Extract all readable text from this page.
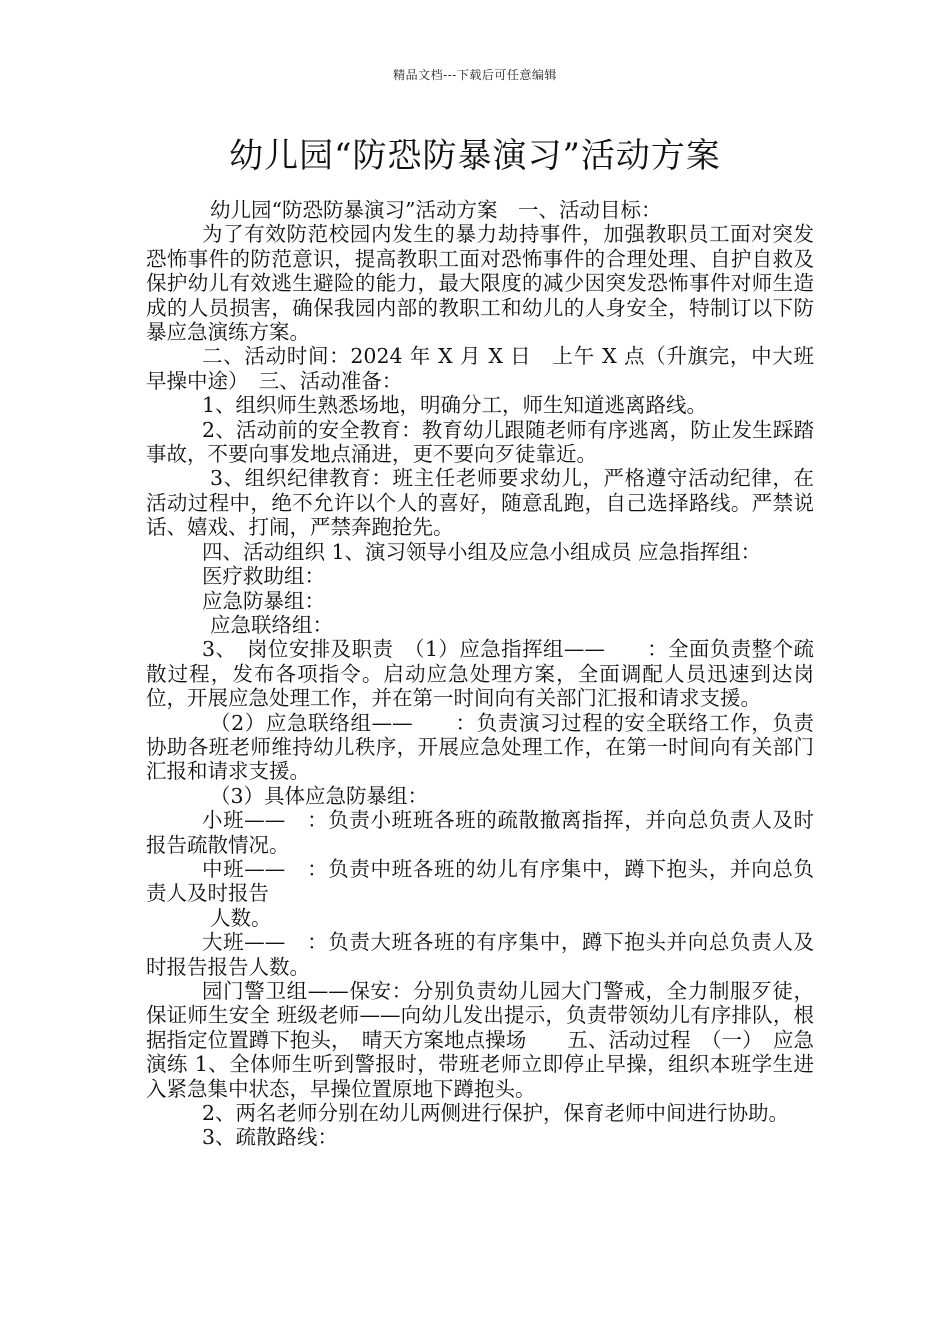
精品文档---下载后可任意编辑
幼儿园“防恐防暴演习”活动方案

幼儿园“防恐防暴演习”活动方案　一、活动目标：

为了有效防范校园内发生的暴力劫持事件，加强教职员工面对突发恐怖事件的防范意识，提高教职工面对恐怖事件的合理处理、自护自救及保护幼儿有效逃生避险的能力，最大限度的减少因突发恐怖事件对师生造成的人员损害，确保我园内部的教职工和幼儿的人身安全，特制订以下防暴应急演练方案。

二、活动时间：2024 年 X 月 X 日　上午 X 点（升旗完，中大班早操中途）　三、活动准备：

1、组织师生熟悉场地，明确分工，师生知道逃离路线。

2、活动前的安全教育：教育幼儿跟随老师有序逃离，防止发生踩踏事故，不要向事发地点涌进，更不要向歹徒靠近。

3、组织纪律教育：班主任老师要求幼儿，严格遵守活动纪律，在活动过程中，绝不允许以个人的喜好，随意乱跑，自己选择路线。严禁说话、嬉戏、打闹，严禁奔跑抢先。

四、活动组织 1、演习领导小组及应急小组成员 应急指挥组：

医疗救助组：

应急防暴组：

应急联络组：

3、　岗位安排及职责　（1）应急指挥组——　　：全面负责整个疏散过程，发布各项指令。启动应急处理方案，全面调配人员迅速到达岗位，开展应急处理工作，并在第一时间向有关部门汇报和请求支援。

（2）应急联络组——　　：负责演习过程的安全联络工作，负责协助各班老师维持幼儿秩序，开展应急处理工作，在第一时间向有关部门汇报和请求支援。

（3）具体应急防暴组：

小班——　：负责小班班各班的疏散撤离指挥，并向总负责人及时报告疏散情况。

中班——　：负责中班各班的幼儿有序集中，蹲下抱头，并向总负责人及时报告

人数。

大班——　：负责大班各班的有序集中，蹲下抱头并向总负责人及时报告报告人数。

园门警卫组——保安：分别负责幼儿园大门警戒，全力制服歹徒，保证师生安全 班级老师——向幼儿发出提示，负责带领幼儿有序排队，根据指定位置蹲下抱头，　晴天方案地点操场　　五、活动过程　（一）　应急演练 1、全体师生听到警报时，带班老师立即停止早操，组织本班学生进入紧急集中状态，早操位置原地下蹲抱头。

2、两名老师分别在幼儿两侧进行保护，保育老师中间进行协助。

3、疏散路线：
